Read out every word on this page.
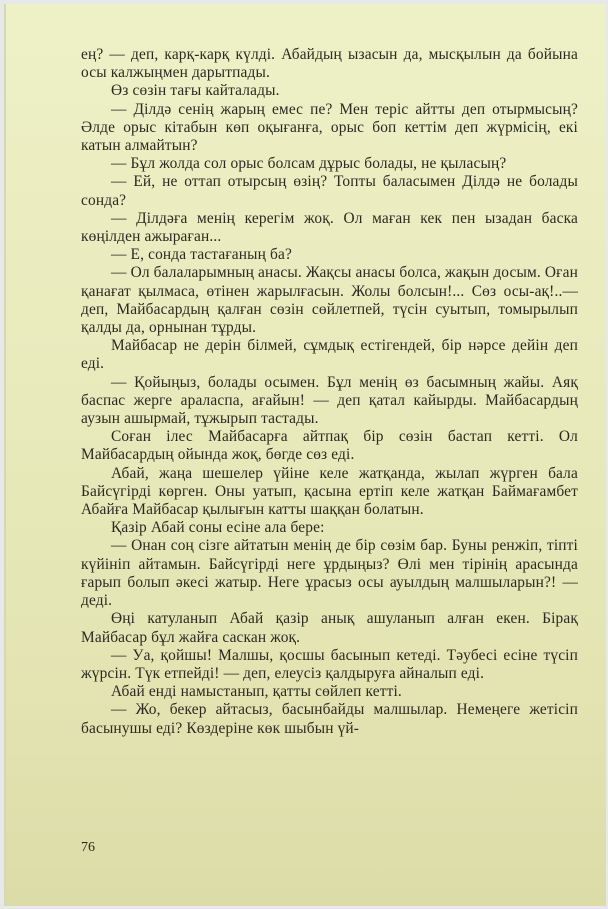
ең? — деп, карқ-карқ күлді. Абайдың ызасын да, мысқылын да бойына осы калжыңмен дарытпады.

Өз сөзін тағы кайталады.

— Ділдә сенің жарың емес пе? Мен теріс айтты деп отырмысың? Әлде орыс кітабын көп оқығанға, орыс боп кеттім деп жүрмісің, екі катын алмайтын?

— Бұл жолда сол орыс болсам дұрыс болады, не қыласың?

— Ей, не оттап отырсың өзің? Топты баласымен Ділдә не болады сонда?

— Ділдәға менің керегім жоқ. Ол маған кек пен ызадан баска көңілден ажыраған...

— Е, сонда тастағаның ба?

— Ол балаларымның анасы. Жақсы анасы болса, жақын досым. Оған қанағат қылмаса, өтінен жарылғасын. Жолы болсын!... Сөз осы-ақ!..— деп, Майбасардың қалған сөзін сөйлетпей, түсін суытып, томырылып қалды да, орнынан тұрды.

Майбасар не дерін білмей, сұмдық естігендей, бір нәрсе дейін деп еді.

— Қойыңыз, болады осымен. Бұл менің өз басымның жайы. Аяқ баспас жерге араласпа, ағайын! — деп қатал кайырды. Майбасардың аузын ашырмай, тұжырып тастады.

Соған ілес Майбасарға айтпақ бір сөзін бастап кетті. Ол Майбасардың ойында жоқ, бөгде сөз еді.

Абай, жаңа шешелер үйіне келе жатқанда, жылап жүрген бала Байсүгірді көрген. Оны уатып, қасына ертіп келе жатқан Баймағамбет Абайға Майбасар қылығын катты шаққан болатын.

Қазір Абай соны есіне ала бере:

— Онан соң сізге айтатын менің де бір сөзім бар. Буны ренжіп, тіпті күйініп айтамын. Байсүгірді неге ұрдыңыз? Өлі мен тірінің арасында ғарып болып әкесі жатыр. Неге ұрасыз осы ауылдың малшыларын?! — деді.

Өңі катуланып Абай қазір анық ашуланып алған екен. Бірақ Майбасар бұл жайға саскан жоқ.

— Уа, қойшы! Малшы, қосшы басынып кетеді. Тәубесі есіне түсіп жүрсін. Түк етпейді! — деп, елеусіз қалдыруға айналып еді.

Абай енді намыстанып, қатты сөйлеп кетті.

— Жо, бекер айтасыз, басынбайды малшылар. Немеңеге жетісіп басынушы еді? Көздеріне көк шыбын үй-

76
